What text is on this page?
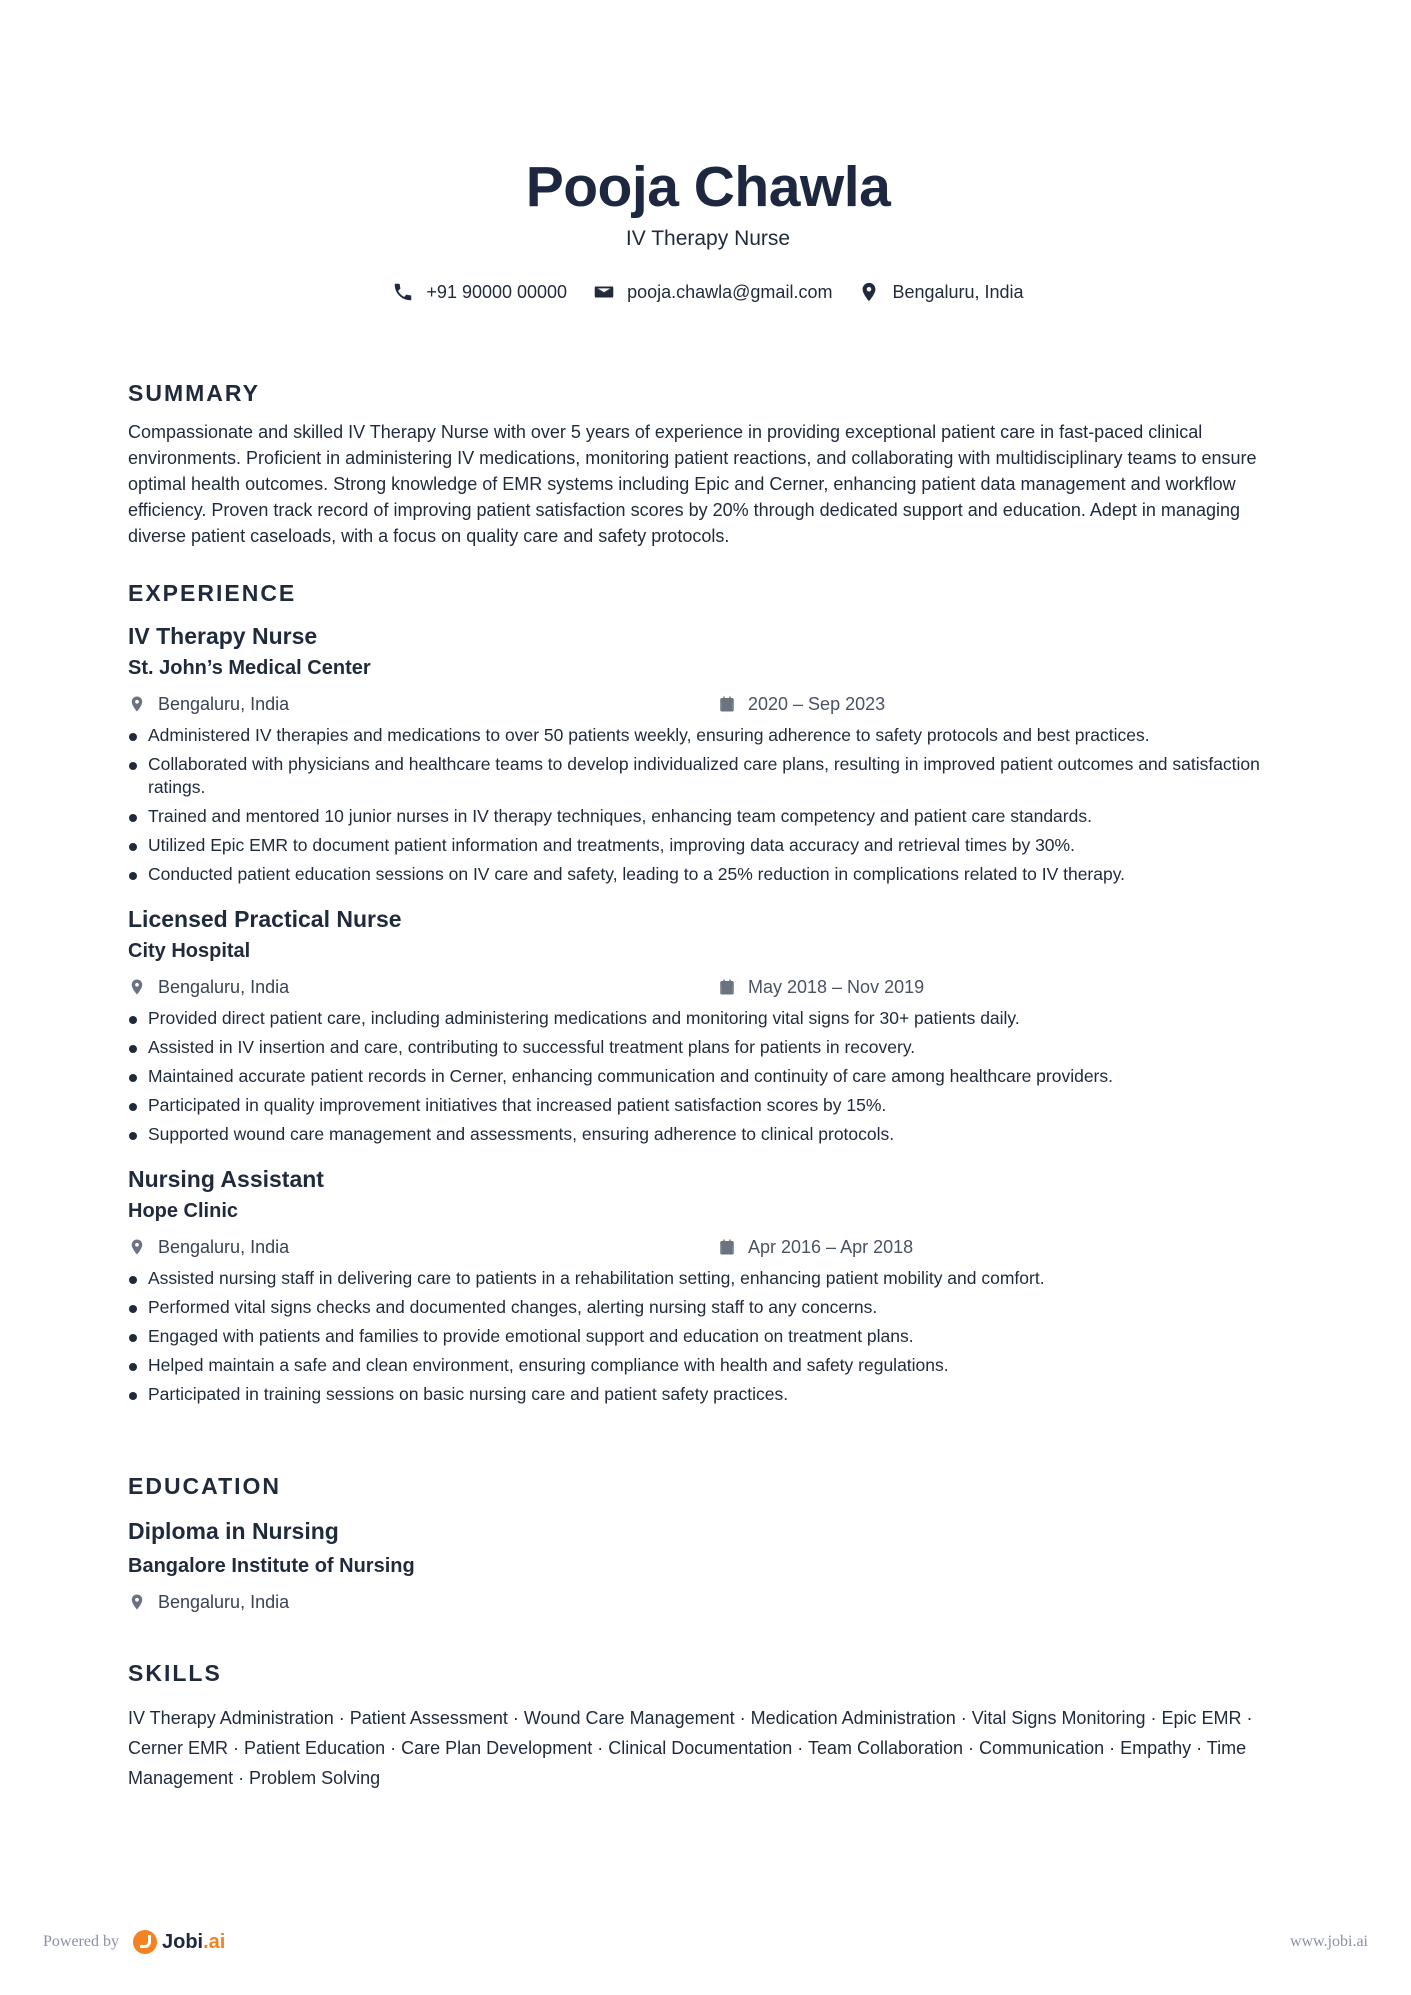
Pooja Chawla
IV Therapy Nurse
+91 90000 00000	pooja.chawla@gmail.com	Bengaluru, India
SUMMARY
Compassionate and skilled IV Therapy Nurse with over 5 years of experience in providing exceptional patient care in fast-paced clinical environments. Proficient in administering IV medications, monitoring patient reactions, and collaborating with multidisciplinary teams to ensure optimal health outcomes. Strong knowledge of EMR systems including Epic and Cerner, enhancing patient data management and workflow efficiency. Proven track record of improving patient satisfaction scores by 20% through dedicated support and education. Adept in managing diverse patient caseloads, with a focus on quality care and safety protocols.
EXPERIENCE
IV Therapy Nurse
St. John’s Medical Center
Bengaluru, India	2020 – Sep 2023
Administered IV therapies and medications to over 50 patients weekly, ensuring adherence to safety protocols and best practices.
Collaborated with physicians and healthcare teams to develop individualized care plans, resulting in improved patient outcomes and satisfaction ratings.
Trained and mentored 10 junior nurses in IV therapy techniques, enhancing team competency and patient care standards.
Utilized Epic EMR to document patient information and treatments, improving data accuracy and retrieval times by 30%.
Conducted patient education sessions on IV care and safety, leading to a 25% reduction in complications related to IV therapy.
Licensed Practical Nurse
City Hospital
Bengaluru, India	May 2018 – Nov 2019
Provided direct patient care, including administering medications and monitoring vital signs for 30+ patients daily.
Assisted in IV insertion and care, contributing to successful treatment plans for patients in recovery.
Maintained accurate patient records in Cerner, enhancing communication and continuity of care among healthcare providers.
Participated in quality improvement initiatives that increased patient satisfaction scores by 15%.
Supported wound care management and assessments, ensuring adherence to clinical protocols.
Nursing Assistant
Hope Clinic
Bengaluru, India	Apr 2016 – Apr 2018
Assisted nursing staff in delivering care to patients in a rehabilitation setting, enhancing patient mobility and comfort.
Performed vital signs checks and documented changes, alerting nursing staff to any concerns.
Engaged with patients and families to provide emotional support and education on treatment plans.
Helped maintain a safe and clean environment, ensuring compliance with health and safety regulations.
Participated in training sessions on basic nursing care and patient safety practices.
EDUCATION
Diploma in Nursing
Bangalore Institute of Nursing
Bengaluru, India
SKILLS
IV Therapy Administration · Patient Assessment · Wound Care Management · Medication Administration · Vital Signs Monitoring · Epic EMR · Cerner EMR · Patient Education · Care Plan Development · Clinical Documentation · Team Collaboration · Communication · Empathy · Time Management · Problem Solving
Powered by Jobi .ai	www.jobi.ai
